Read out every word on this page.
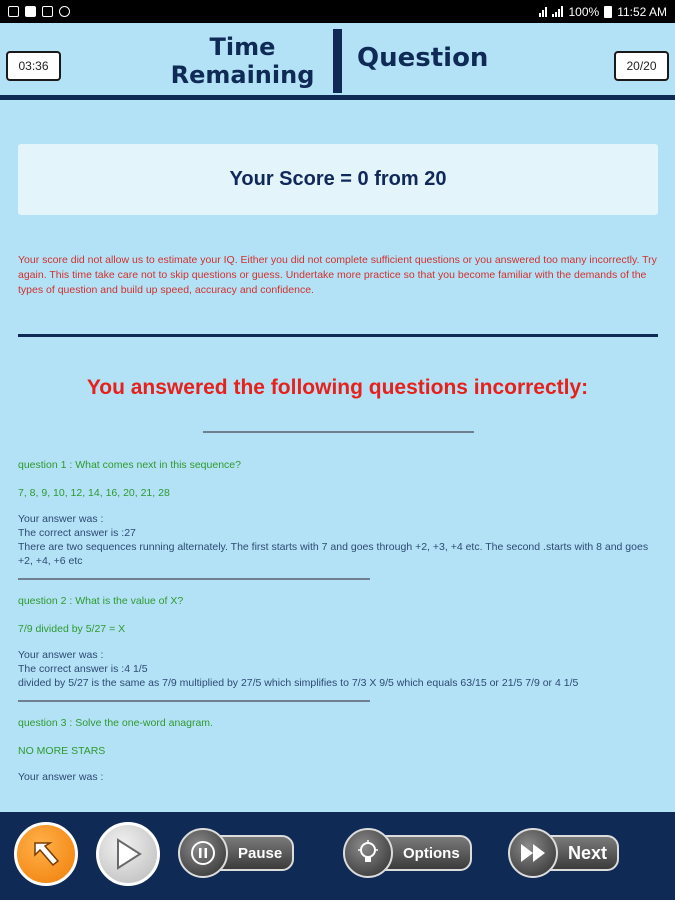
100% 11:52 AM
03:36
Time Remaining
Question	20/20
Your Score = 0 from 20
Your score did not allow us to estimate your IQ. Either you did not complete sufficient questions or you answered too many incorrectly. Try again. This time take care not to skip questions or guess. Undertake more practice so that you become familiar with the demands of the types of question and build up speed, accuracy and confidence.
You answered the following questions incorrectly:
question 1 : What comes next in this sequence?
7, 8, 9, 10, 12, 14, 16, 20, 21, 28
Your answer was :
The correct answer is :27
There are two sequences running alternately. The first starts with 7 and goes through +2, +3, +4 etc. The second .starts with 8 and goes +2, +4, +6 etc
question 2 : What is the value of X?
7/9 divided by 5/27 = X
Your answer was :
The correct answer is :4 1/5
divided by 5/27 is the same as 7/9 multiplied by 27/5 which simplifies to 7/3 X 9/5 which equals 63/15 or 21/5 7/9 or 4 1/5
question 3 : Solve the one-word anagram.
NO MORE STARS
Your answer was :
Pause	Options	Next
